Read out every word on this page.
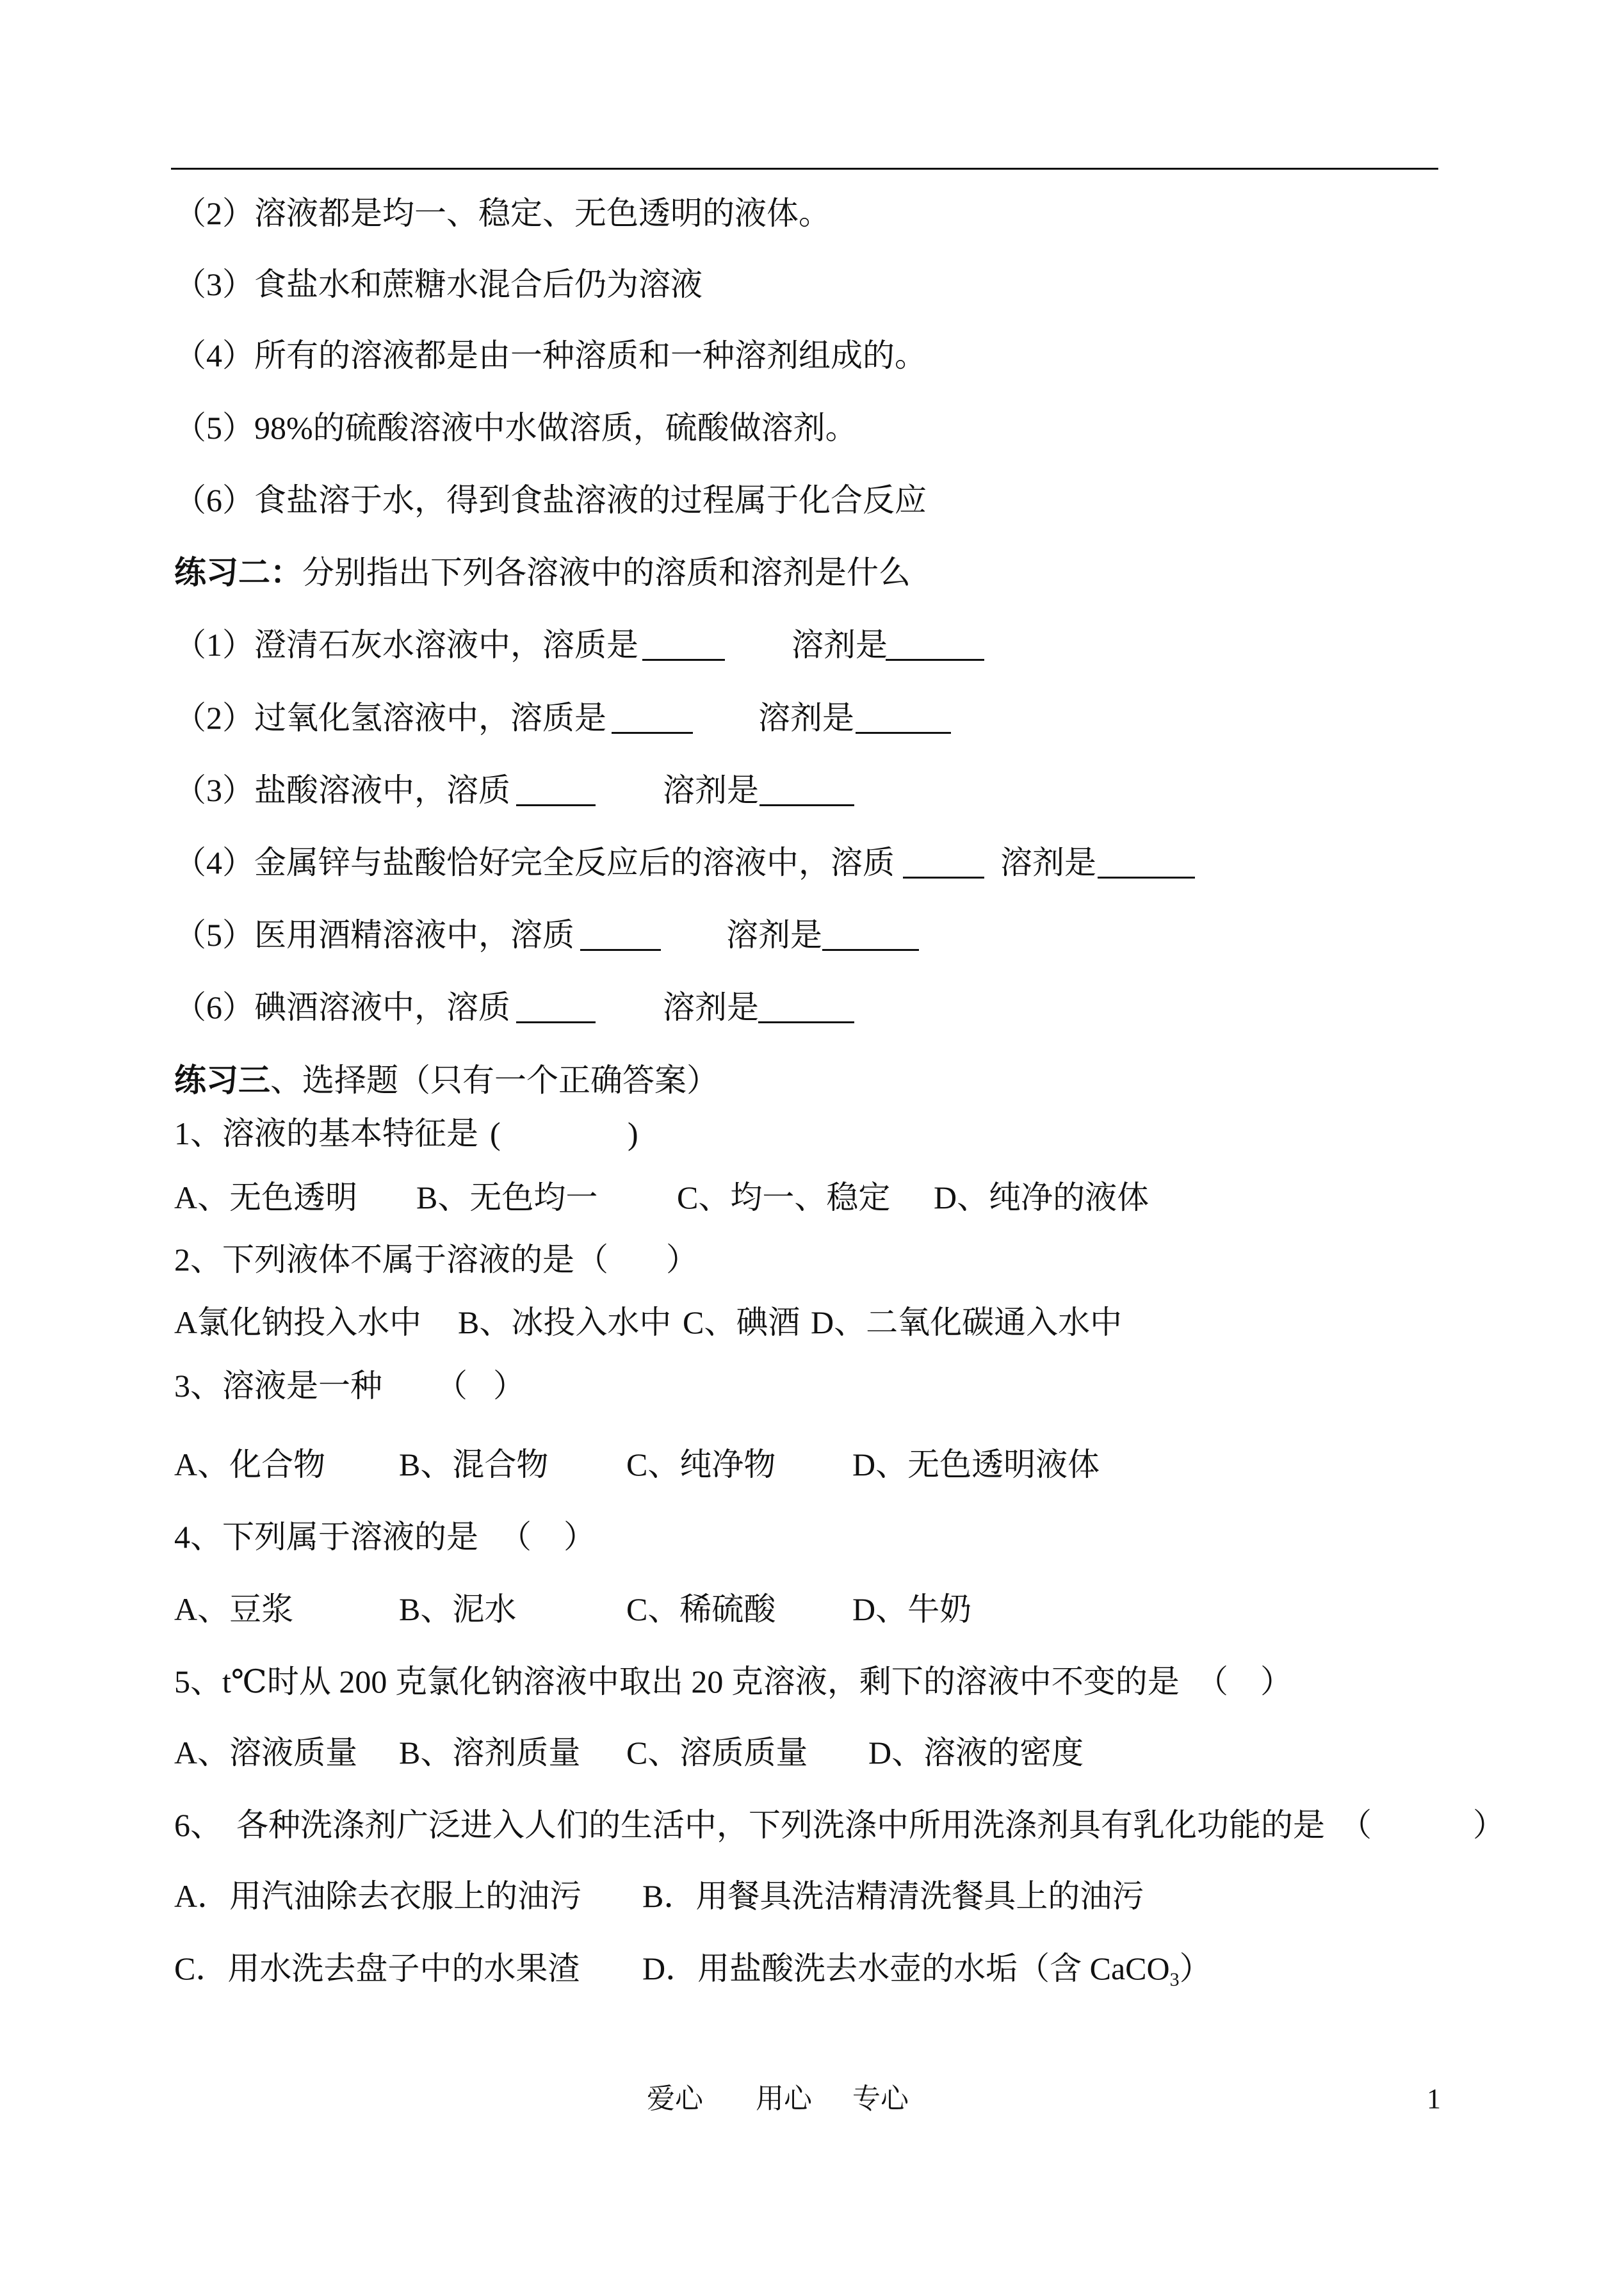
（2）溶液都是均一、稳定、无色透明的液体。
（3）食盐水和蔗糖水混合后仍为溶液
（4）所有的溶液都是由一种溶质和一种溶剂组成的。
（5）98%的硫酸溶液中水做溶质，硫酸做溶剂。
（6）食盐溶于水，得到食盐溶液的过程属于化合反应
练习二：分别指出下列各溶液中的溶质和溶剂是什么
（1）澄清石灰水溶液中，溶质是	溶剂是
（2）过氧化氢溶液中，溶质是	溶剂是
（3）盐酸溶液中，溶质	溶剂是
（4）金属锌与盐酸恰好完全反应后的溶液中，溶质	溶剂是
（5）医用酒精溶液中，溶质	溶剂是
（6）碘酒溶液中，溶质	溶剂是
练习三、选择题（只有一个正确答案）
1、溶液的基本特征是 (	)
A、无色透明 B、无色均一 C、均一、稳定 D、纯净的液体
2、下列液体不属于溶液的是 （ ）
A氯化钠投入水中 B、冰投入水中 C、碘酒 D、二氧化碳通入水中
3、溶液是一种 （ ）
A、化合物 B、混合物 C、纯净物 D、无色透明液体
4、下列属于溶液的是 （ ）
A、豆浆	B、泥水	C、稀硫酸 D、牛奶
5、t℃时从 200 克氯化钠溶液中取出 20 克溶液，剩下的溶液中不变的是 （ ）
A、溶液质量 B、溶剂质量 C、溶质质量 D、溶液的密度
6、 各种洗涤剂广泛进入人们的生活中，下列洗涤中所用洗涤剂具有乳化功能的是 （	）
A．用汽油除去衣服上的油污 B．用餐具洗洁精清洗餐具上的油污
C．用水洗去盘子中的水果渣 D．用盐酸洗去水壶的水垢（含 CaCO$_3$）
爱心 用心 专心	1
